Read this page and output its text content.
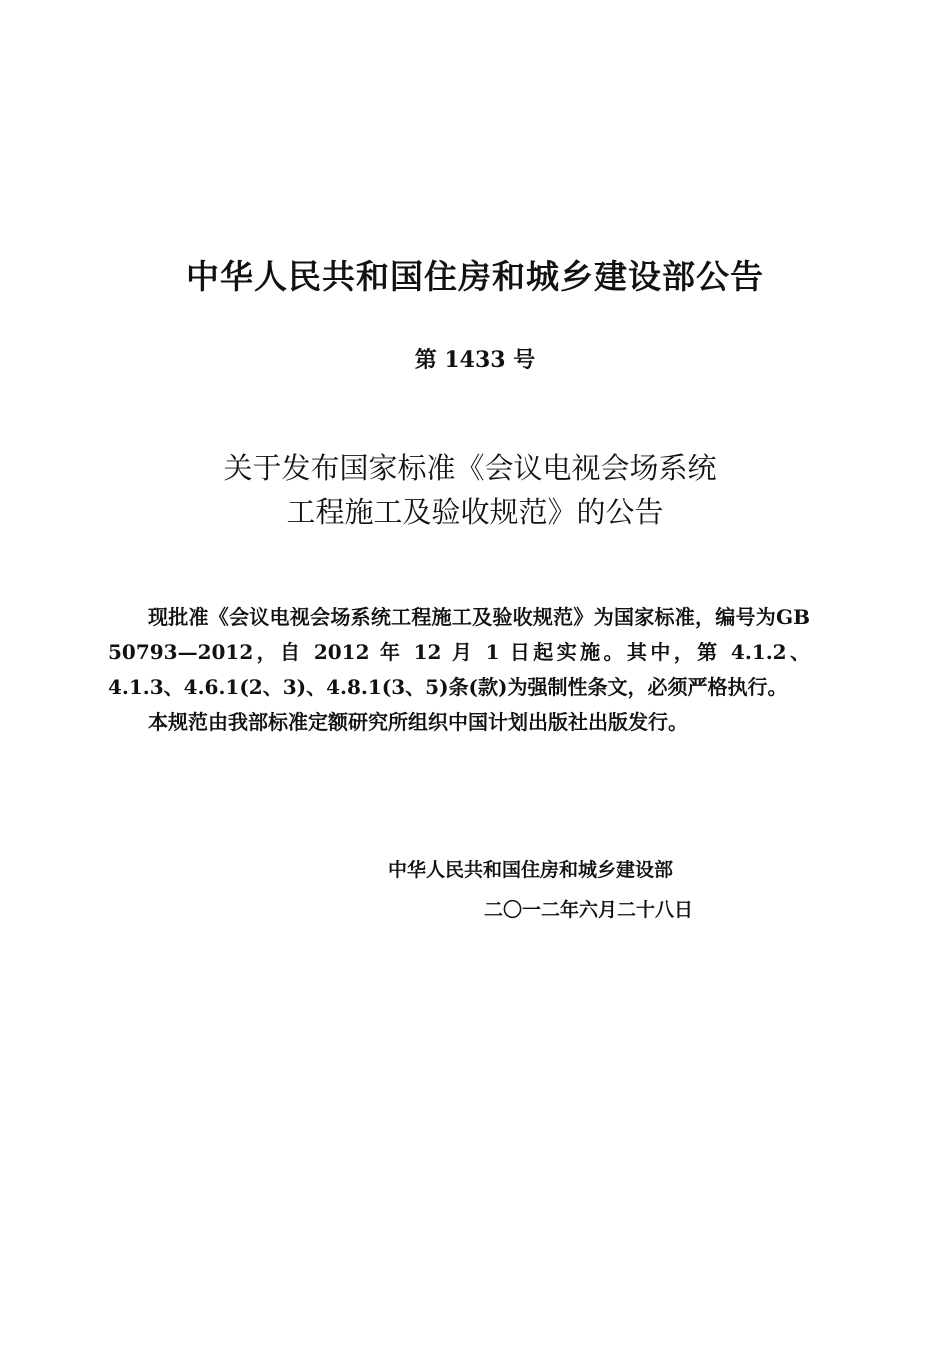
中华人民共和国住房和城乡建设部公告
第 1433 号
关于发布国家标准《会议电视会场系统
工程施工及验收规范》的公告

现批准《会议电视会场系统工程施工及验收规范》为国家标准，编号为GB 50793—2012，自 2012 年 12 月 1 日起实施。其中，第 4.1.2、4.1.3、4.6.1(2、3)、4.8.1(3、5)条(款)为强制性条文，必须严格执行。

本规范由我部标准定额研究所组织中国计划出版社出版发行。

中华人民共和国住房和城乡建设部
二〇一二年六月二十八日
